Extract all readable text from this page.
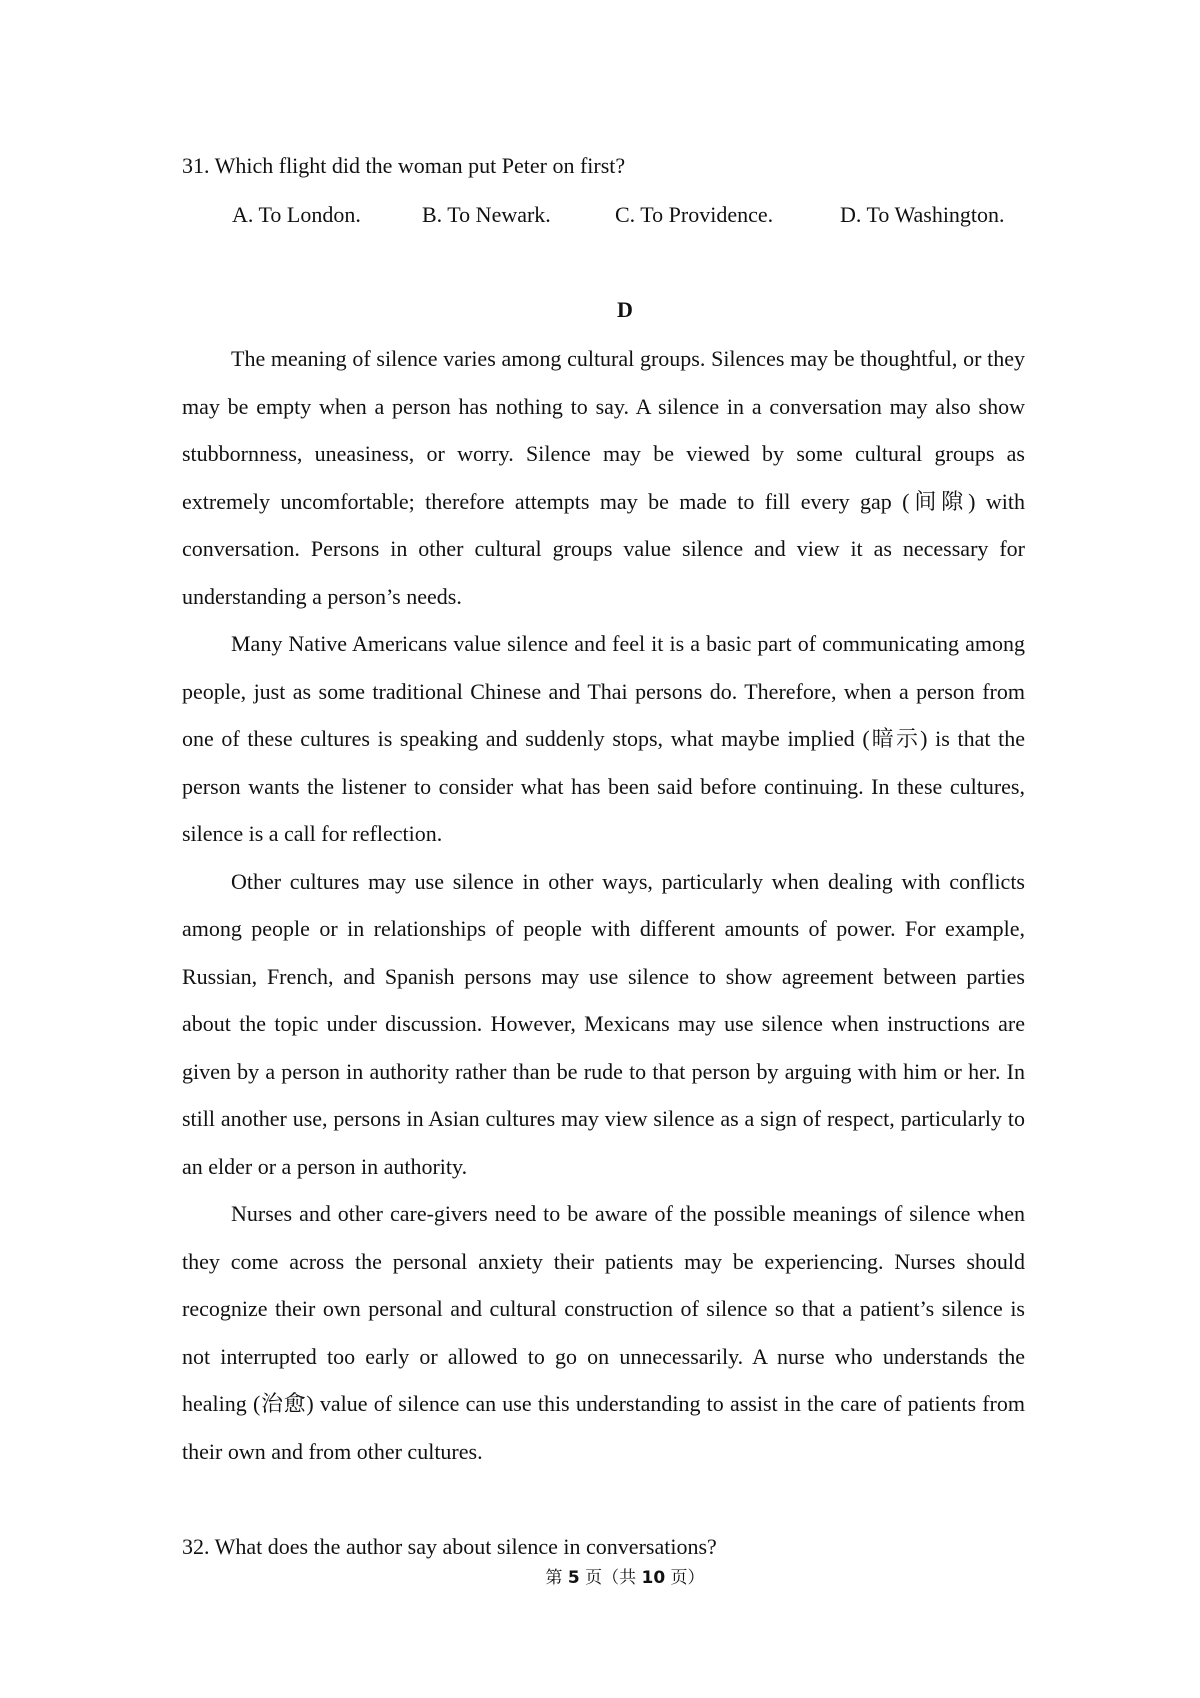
31. Which flight did the woman put Peter on first?
A. To London.	B. To Newark.	C. To Providence.	D. To Washington.
D

The meaning of silence varies among cultural groups. Silences may be thoughtful, or they may be empty when a person has nothing to say. A silence in a conversation may also show stubbornness, uneasiness, or worry. Silence may be viewed by some cultural groups as extremely uncomfortable; therefore attempts may be made to fill every gap (间隙) with conversation. Persons in other cultural groups value silence and view it as necessary for understanding a person’s needs.

Many Native Americans value silence and feel it is a basic part of communicating among people, just as some traditional Chinese and Thai persons do. Therefore, when a person from one of these cultures is speaking and suddenly stops, what maybe implied (暗示) is that the person wants the listener to consider what has been said before continuing. In these cultures, silence is a call for reflection.

Other cultures may use silence in other ways, particularly when dealing with conflicts among people or in relationships of people with different amounts of power. For example, Russian, French, and Spanish persons may use silence to show agreement between parties about the topic under discussion. However, Mexicans may use silence when instructions are given by a person in authority rather than be rude to that person by arguing with him or her. In still another use, persons in Asian cultures may view silence as a sign of respect, particularly to an elder or a person in authority.

Nurses and other care-givers need to be aware of the possible meanings of silence when they come across the personal anxiety their patients may be experiencing. Nurses should recognize their own personal and cultural construction of silence so that a patient’s silence is not interrupted too early or allowed to go on unnecessarily. A nurse who understands the healing (治愈) value of silence can use this understanding to assist in the care of patients from their own and from other cultures.

32. What does the author say about silence in conversations?
第 5 页（共 10 页）
